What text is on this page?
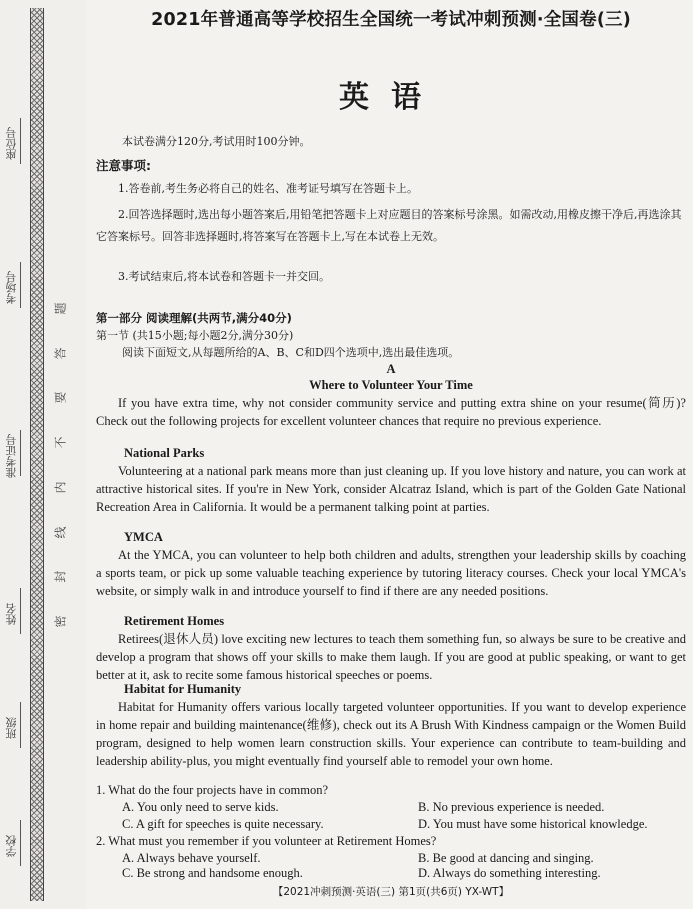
座位号
考场号
准考证号
姓名
班级
学校
题
答
要
不
内
线
封
密
2021年普通高等学校招生全国统一考试冲刺预测·全国卷(三)
英语
本试卷满分120分,考试用时100分钟。
注意事项:
1.答卷前,考生务必将自己的姓名、准考证号填写在答题卡上。
2.回答选择题时,选出每小题答案后,用铅笔把答题卡上对应题目的答案标号涂黑。如需改动,用橡皮擦干净后,再选涂其它答案标号。回答非选择题时,将答案写在答题卡上,写在本试卷上无效。
3.考试结束后,将本试卷和答题卡一并交回。
第一部分 阅读理解(共两节,满分40分)
第一节 (共15小题;每小题2分,满分30分)
阅读下面短文,从每题所给的A、B、C和D四个选项中,选出最佳选项。
A
Where to Volunteer Your Time
If you have extra time, why not consider community service and putting extra shine on your resume(简历)? Check out the following projects for excellent volunteer chances that require no previous experience.
National Parks
Volunteering at a national park means more than just cleaning up. If you love history and nature, you can work at attractive historical sites. If you're in New York, consider Alcatraz Island, which is part of the Golden Gate National Recreation Area in California. It would be a permanent talking point at parties.
YMCA
At the YMCA, you can volunteer to help both children and adults, strengthen your leadership skills by coaching a sports team, or pick up some valuable teaching experience by tutoring literacy courses. Check your local YMCA's website, or simply walk in and introduce yourself to find if there are any needed positions.
Retirement Homes
Retirees(退休人员) love exciting new lectures to teach them something fun, so always be sure to be creative and develop a program that shows off your skills to make them laugh. If you are good at public speaking, or want to get better at it, ask to recite some famous historical speeches or poems.
Habitat for Humanity
Habitat for Humanity offers various locally targeted volunteer opportunities. If you want to develop experience in home repair and building maintenance(维修), check out its A Brush With Kindness campaign or the Women Build program, designed to help women learn construction skills. Your experience can contribute to team-building and leadership ability-plus, you might eventually find yourself able to remodel your own home.
1. What do the four projects have in common?
A. You only need to serve kids.	B. No previous experience is needed.
C. A gift for speeches is quite necessary.	D. You must have some historical knowledge.
2. What must you remember if you volunteer at Retirement Homes?
A. Always behave yourself.	B. Be good at dancing and singing.
C. Be strong and handsome enough.	D. Always do something interesting.
【2021冲刺预测·英语(三) 第1页(共6页) YX-WT】
